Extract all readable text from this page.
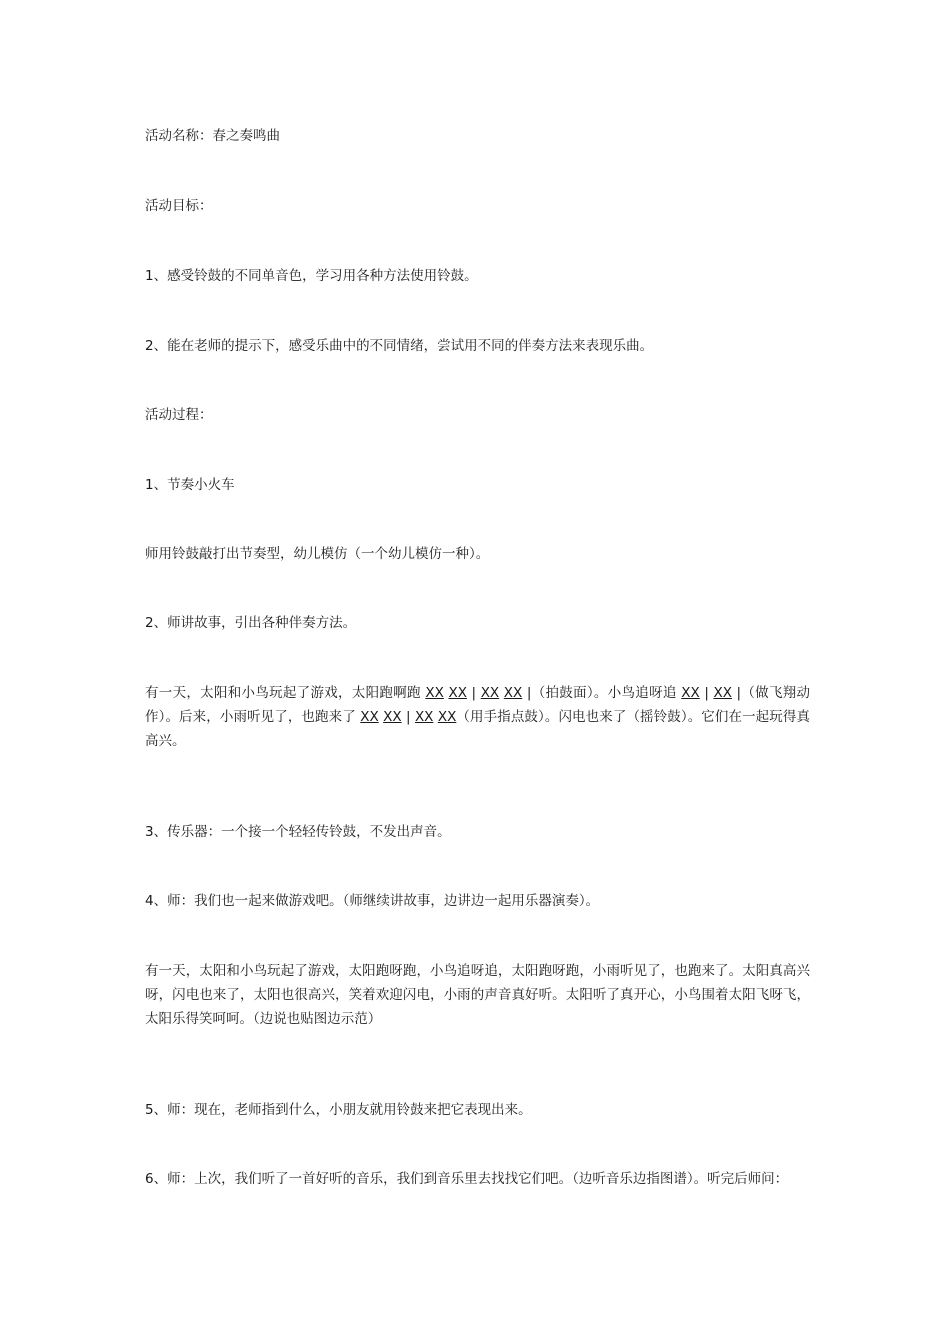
活动名称：春之奏鸣曲

活动目标：

1、感受铃鼓的不同单音色，学习用各种方法使用铃鼓。

2、能在老师的提示下，感受乐曲中的不同情绪，尝试用不同的伴奏方法来表现乐曲。

活动过程：

1、节奏小火车

师用铃鼓敲打出节奏型，幼儿模仿（一个幼儿模仿一种）。

2、师讲故事，引出各种伴奏方法。

有一天，太阳和小鸟玩起了游戏，太阳跑啊跑 XX XX | XX XX |（拍鼓面）。小鸟追呀追 XX | XX |（做飞翔动作）。后来，小雨听见了，也跑来了 XX XX | XX XX（用手指点鼓）。闪电也来了（摇铃鼓）。它们在一起玩得真高兴。

3、传乐器：一个接一个轻轻传铃鼓，不发出声音。

4、师：我们也一起来做游戏吧。（师继续讲故事，边讲边一起用乐器演奏）。

有一天，太阳和小鸟玩起了游戏，太阳跑呀跑，小鸟追呀追，太阳跑呀跑，小雨听见了，也跑来了。太阳真高兴呀，闪电也来了，太阳也很高兴，笑着欢迎闪电，小雨的声音真好听。太阳听了真开心，小鸟围着太阳飞呀飞，太阳乐得笑呵呵。（边说也贴图边示范）

5、师：现在，老师指到什么，小朋友就用铃鼓来把它表现出来。

6、师：上次，我们听了一首好听的音乐，我们到音乐里去找找它们吧。（边听音乐边指图谱）。听完后师问：
